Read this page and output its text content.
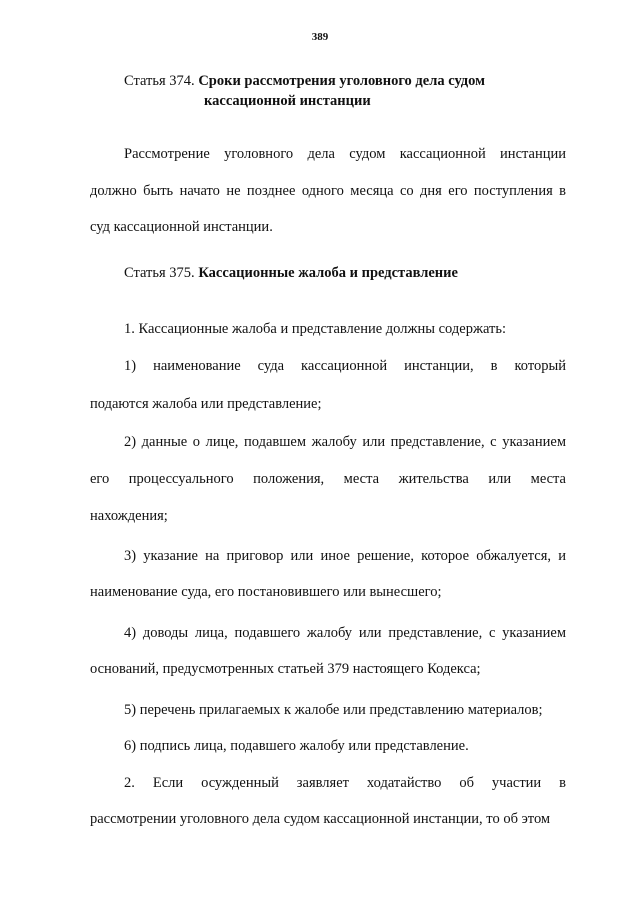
389
Статья 374. Сроки рассмотрения уголовного дела судом
кассационной инстанции
Рассмотрение уголовного дела судом кассационной инстанции
должно быть начато не позднее одного месяца со дня его поступления в
суд кассационной инстанции.
Статья 375. Кассационные жалоба и представление
1. Кассационные жалоба и представление должны содержать:
1) наименование суда кассационной инстанции, в который
подаются жалоба или представление;
2) данные о лице, подавшем жалобу или представление, с указанием
его процессуального положения, места жительства или места
нахождения;
3) указание на приговор или иное решение, которое обжалуется, и
наименование суда, его постановившего или вынесшего;
4) доводы лица, подавшего жалобу или представление, с указанием
оснований, предусмотренных статьей 379 настоящего Кодекса;
5) перечень прилагаемых к жалобе или представлению материалов;
6) подпись лица, подавшего жалобу или представление.
2. Если осужденный заявляет ходатайство об участии в
рассмотрении уголовного дела судом кассационной инстанции, то об этом
